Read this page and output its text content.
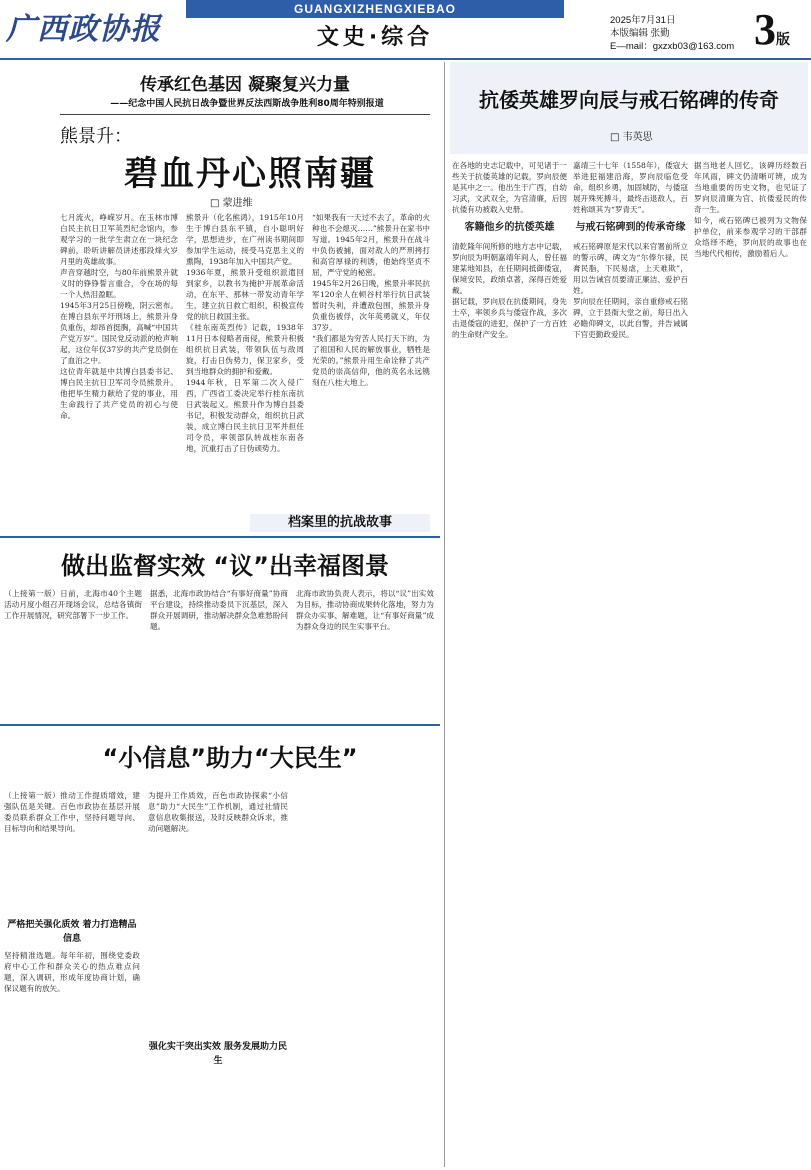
广西政协报
GUANGXIZHENGXIEBAO
文史·综合
2025年7月31日
本版编辑 张勤
E—mail：gxzxb03@163.com 3版
传承红色基因 凝聚复兴力量
——纪念中国人民抗日战争暨世界反法西斯战争胜利80周年特别报道
熊景升：
碧血丹心照南疆
□ 蒙进维

七月流火，峥嵘岁月。在玉林市博白民主抗日卫军英烈纪念馆内，参观学习的一批学生肃立在一块纪念碑前，聆听讲解员讲述那段烽火岁月里的英雄故事。

声音穿越时空，与80年前熊景升就义时的铮铮誓言重合，令在场的每一个人热泪盈眶。

1945年3月25日傍晚，阴云密布。在博白县东平圩刑场上，熊景升身负重伤，却昂首挺胸，高喊“中国共产党万岁”。国民党反动派的枪声响起，这位年仅37岁的共产党员倒在了血泊之中。

这位青年就是中共博白县委书记、博白民主抗日卫军司令员熊景升。他把毕生精力献给了党的事业，用生命践行了共产党员的初心与使命。

熊景升（化名熊鸿），1915年10月生于博白县东平镇，自小聪明好学，思想进步，在广州读书期间即参加学生运动，接受马克思主义的熏陶，1938年加入中国共产党。

1936年夏，熊景升受组织派遣回到家乡，以教书为掩护开展革命活动，在东平、那林一带发动青年学生，建立抗日救亡组织，积极宣传党的抗日救国主张。

《桂东南英烈传》记载，1938年11月日本侵略者南侵，熊景升积极组织抗日武装，带领队伍与敌周旋，打击日伪势力，保卫家乡，受到当地群众的拥护和爱戴。

1944年秋，日军第二次入侵广西，广西省工委决定举行桂东南抗日武装起义。熊景升作为博白县委书记，积极发动群众，组织抗日武装，成立博白民主抗日卫军并担任司令员，率领部队转战桂东南各地，沉重打击了日伪顽势力。

“如果我有一天过不去了，革命的火种也不会熄灭……”熊景升在家书中写道。1945年2月，熊景升在战斗中负伤被捕，面对敌人的严刑拷打和高官厚禄的利诱，他始终坚贞不屈，严守党的秘密。

1945年2月26日晚，熊景升率民抗军120余人在顿谷村举行抗日武装暂时失利，并遭敌包围，熊景升身负重伤被俘，次年英勇就义，年仅37岁。

“我们都是为穷苦人民打天下的，为了祖国和人民的解放事业，牺牲是光荣的。”熊景升用生命诠释了共产党员的崇高信仰，他的英名永远镌刻在八桂大地上。

档案里的抗战故事
做出监督实效 “议”出幸福图景

（上接第一版）日前，北海市40个主题活动月度小组召开现场会议，总结各镇街工作开展情况，研究部署下一步工作。

据悉，北海市政协结合“有事好商量”协商平台建设，持续推动委员下沉基层，深入群众开展调研，推动解决群众急难愁盼问题。

北海市政协负责人表示，将以“议”出实效为目标，推动协商成果转化落地，努力为群众办实事、解难题，让“有事好商量”成为群众身边的民生实事平台。

“小信息”助力“大民生”

（上接第一版）推动工作提质增效，建强队伍是关键。百色市政协在基层开展委员联系群众工作中，坚持问题导向、目标导向和结果导向。

严格把关强化质效 着力打造精品信息

坚持精准选题。每年年初，围绕党委政府中心工作和群众关心的热点难点问题，深入调研，形成年度协商计划，确保议题有的放矢。

为提升工作质效，百色市政协探索“小信息”助力“大民生”工作机制，通过社情民意信息收集报送，及时反映群众诉求，推动问题解决。

强化实干突出实效 服务发展助力民生
抗倭英雄罗向辰与戒石铭碑的传奇
□ 韦英思

在各地的史志记载中，可见诸于一些关于抗倭英雄的记载，罗向辰便是其中之一。他出生于广西，自幼习武，文武双全，为官清廉，后因抗倭有功被载入史册。

客籍他乡的抗倭英雄

清乾隆年间所修的地方志中记载，罗向辰为明朝嘉靖年间人，曾任福建某地知县，在任期间抵御倭寇，保境安民，政绩卓著，深得百姓爱戴。

据记载，罗向辰在抗倭期间，身先士卒，率领乡兵与倭寇作战，多次击退倭寇的进犯，保护了一方百姓的生命财产安全。

嘉靖三十七年（1558年），倭寇大举进犯福建沿海，罗向辰临危受命，组织乡勇，加固城防，与倭寇展开殊死搏斗，最终击退敌人，百姓称颂其为“罗青天”。

与戒石铭碑到的传承奇缘

戒石铭碑原是宋代以来官署前所立的警示碑，碑文为“尔俸尔禄，民膏民脂，下民易虐，上天难欺”，用以告诫官员要清正廉洁、爱护百姓。

罗向辰在任期间，亲自重修戒石铭碑，立于县衙大堂之前，每日出入必瞻仰碑文，以此自警，并告诫属下官吏勤政爱民。

据当地老人回忆，该碑历经数百年风雨，碑文仍清晰可辨，成为当地重要的历史文物，也见证了罗向辰清廉为官、抗倭爱民的传奇一生。

如今，戒石铭碑已被列为文物保护单位，前来参观学习的干部群众络绎不绝，罗向辰的故事也在当地代代相传，激励着后人。
